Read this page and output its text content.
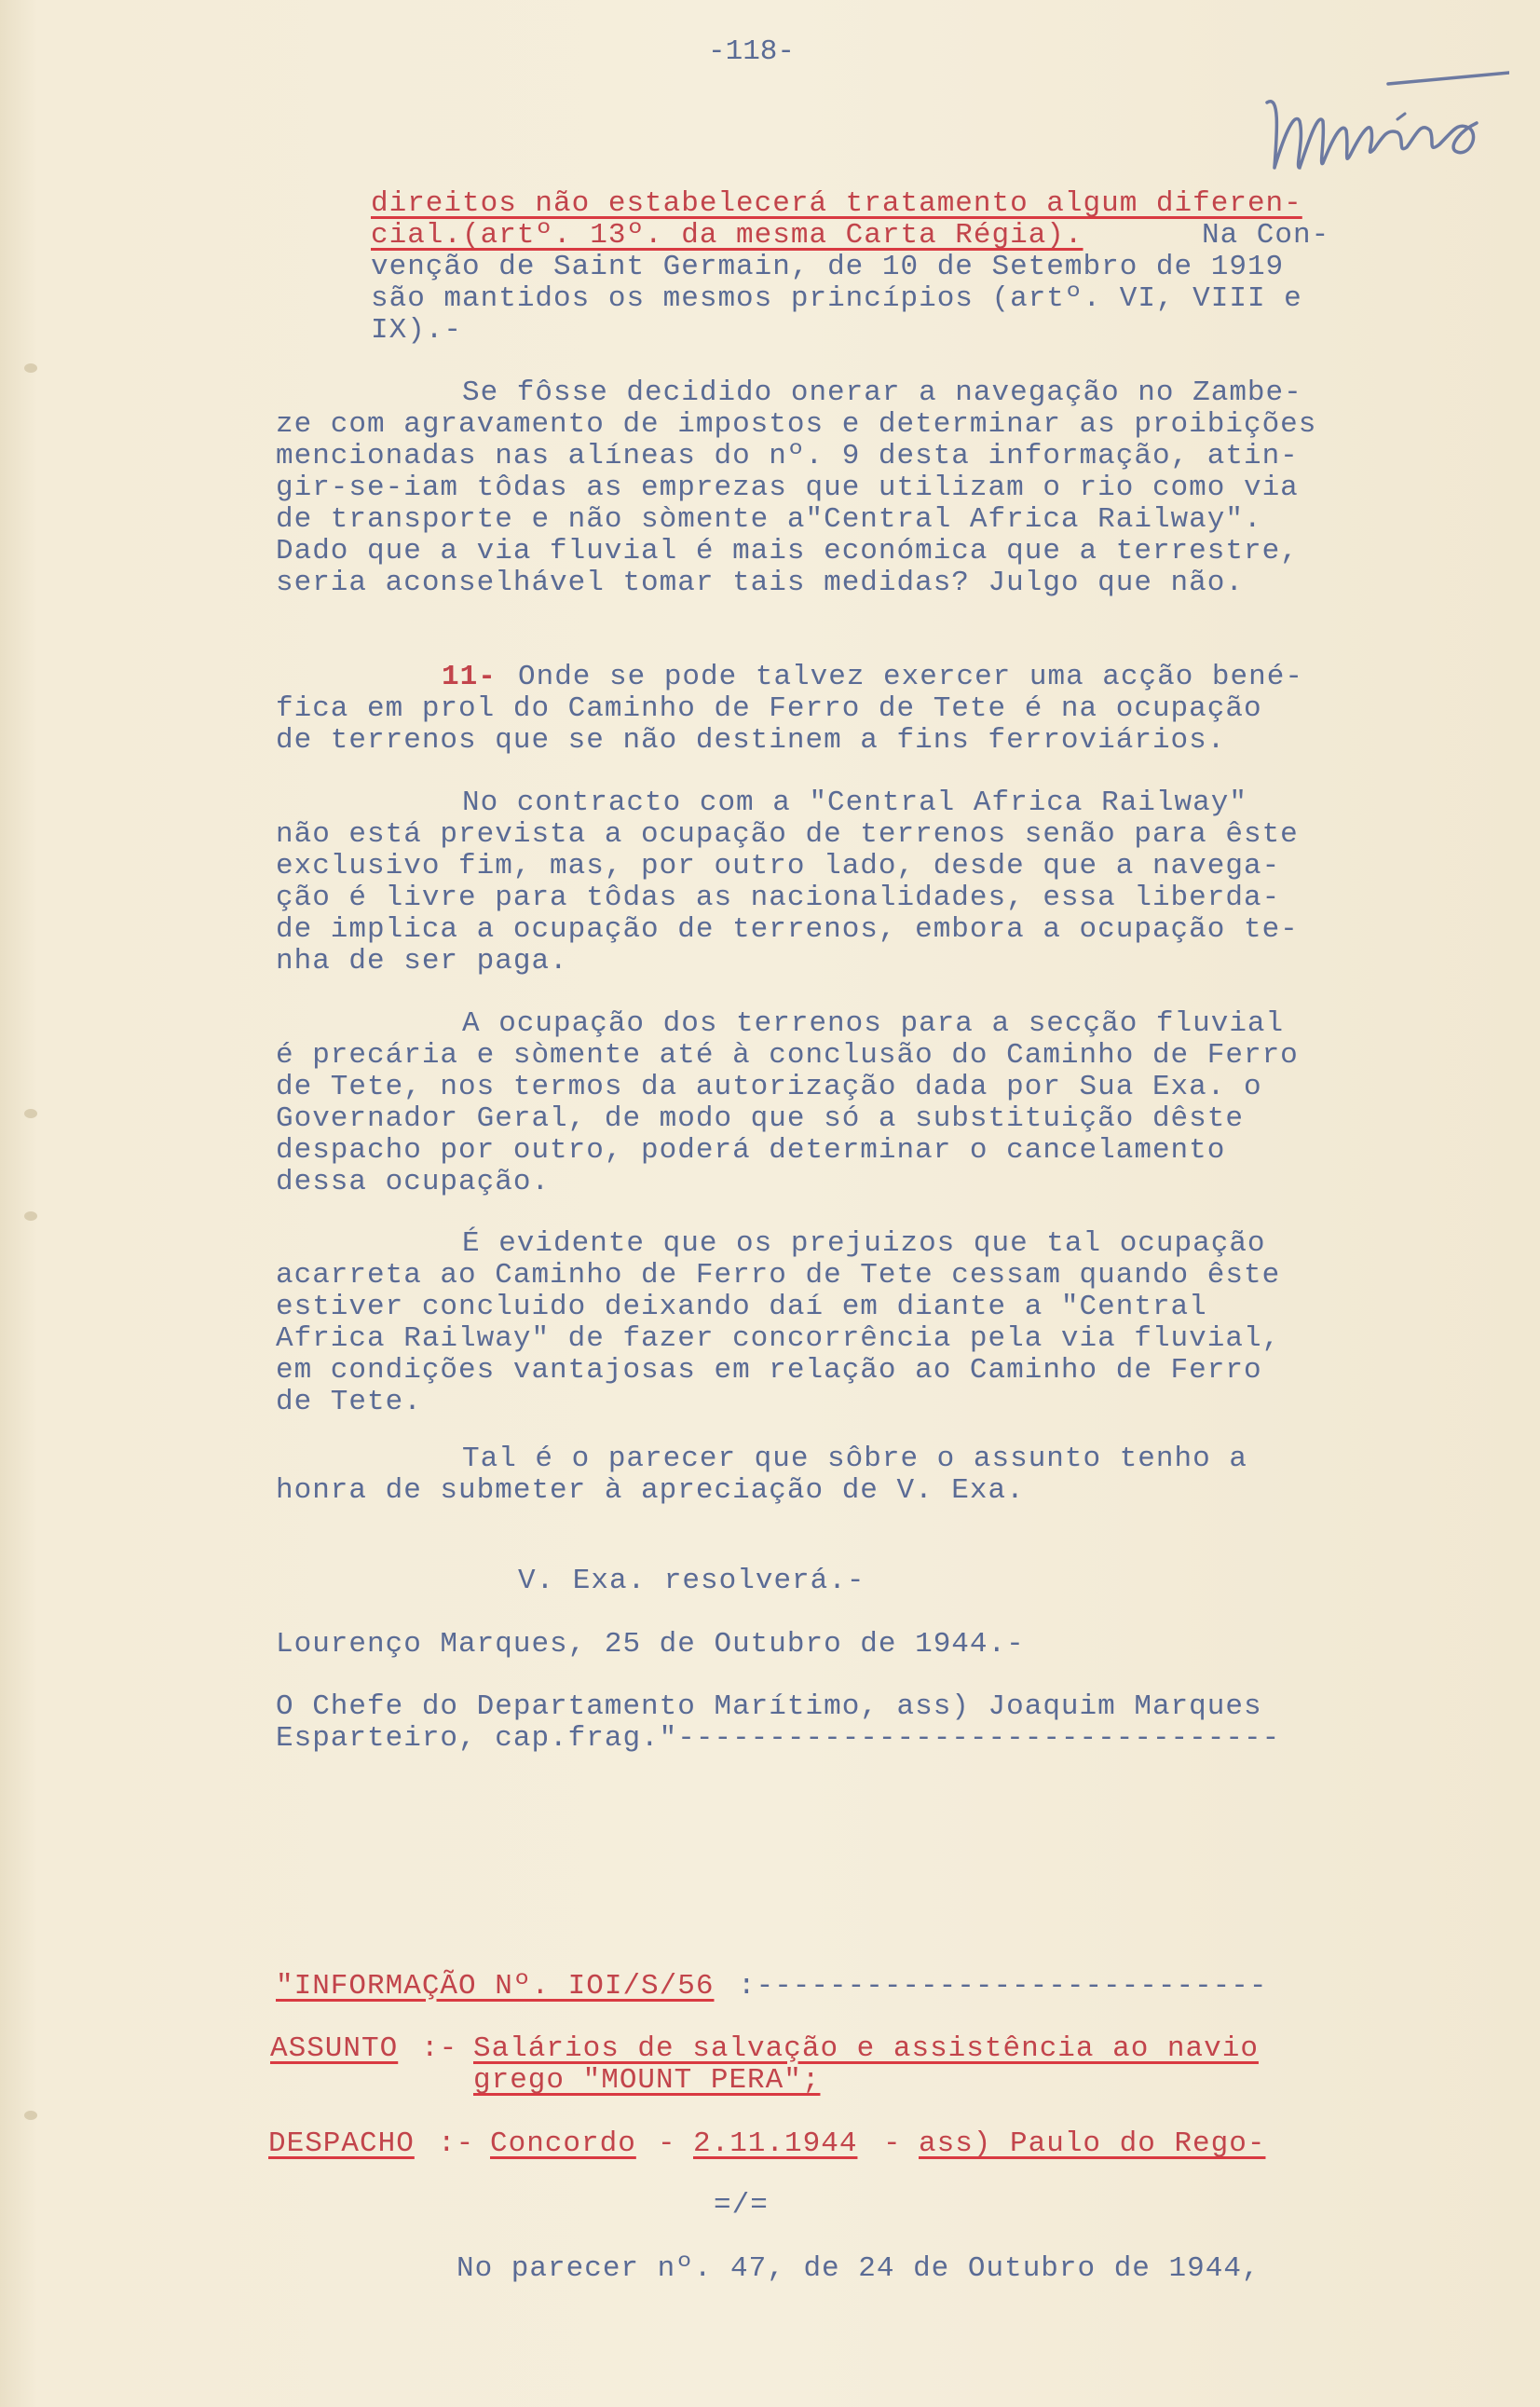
-118-
direitos não estabelecerá tratamento algum diferen-
cial.(artº. 13º. da mesma Carta Régia).	Na Con-
venção de Saint Germain, de 10 de Setembro de 1919
são mantidos os mesmos princípios (artº. VI, VIII e
IX).-
Se fôsse decidido onerar a navegação no Zambe-
ze com agravamento de impostos e determinar as proibições
mencionadas nas alíneas do nº. 9 desta informação, atin-
gir-se-iam tôdas as emprezas que utilizam o rio como via
de transporte e não sòmente a"Central Africa Railway".
Dado que a via fluvial é mais económica que a terrestre,
seria aconselhável tomar tais medidas? Julgo que não.
11- Onde se pode talvez exercer uma acção bené-
fica em prol do Caminho de Ferro de Tete é na ocupação
de terrenos que se não destinem a fins ferroviários.
No contracto com a "Central Africa Railway"
não está prevista a ocupação de terrenos senão para êste
exclusivo fim, mas, por outro lado, desde que a navega-
ção é livre para tôdas as nacionalidades, essa liberda-
de implica a ocupação de terrenos, embora a ocupação te-
nha de ser paga.
A ocupação dos terrenos para a secção fluvial
é precária e sòmente até à conclusão do Caminho de Ferro
de Tete, nos termos da autorização dada por Sua Exa. o
Governador Geral, de modo que só a substituição dêste
despacho por outro, poderá determinar o cancelamento
dessa ocupação.
É evidente que os prejuizos que tal ocupação
acarreta ao Caminho de Ferro de Tete cessam quando êste
estiver concluido deixando daí em diante a "Central
Africa Railway" de fazer concorrência pela via fluvial,
em condições vantajosas em relação ao Caminho de Ferro
de Tete.
Tal é o parecer que sôbre o assunto tenho a
honra de submeter à apreciação de V. Exa.
V. Exa. resolverá.-
Lourenço Marques, 25 de Outubro de 1944.-
O Chefe do Departamento Marítimo, ass) Joaquim Marques
Esparteiro, cap.frag."---------------------------------
"INFORMAÇÃO Nº. IOI/S/56 :----------------------------
ASSUNTO :- Salários de salvação e assistência ao navio
grego "MOUNT PERA";
DESPACHO :- Concordo - 2.11.1944 - ass) Paulo do Rego-
=/=
No parecer nº. 47, de 24 de Outubro de 1944,
